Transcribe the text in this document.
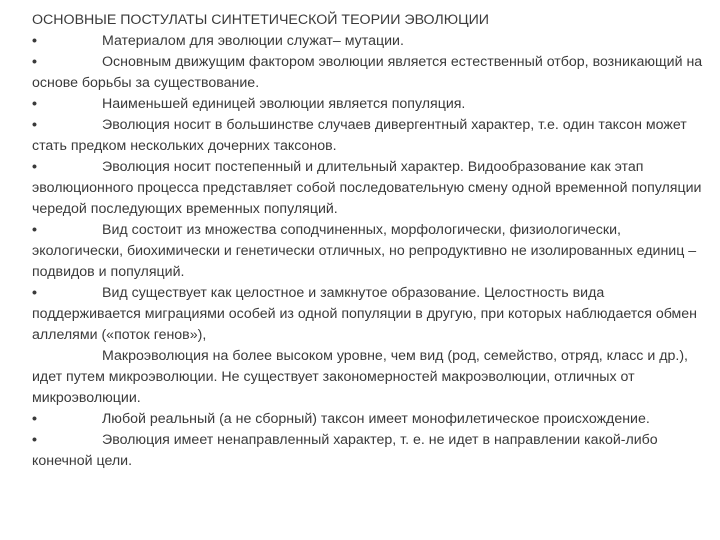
ОСНОВНЫЕ ПОСТУЛАТЫ СИНТЕТИЧЕСКОЙ ТЕОРИИ ЭВОЛЮЦИИ
•	Материалом для эволюции служат– мутации.
•	Основным движущим фактором эволюции является естественный отбор, возникающий на основе борьбы за существование.
•	Наименьшей единицей эволюции является популяция.
•	Эволюция носит в большинстве случаев дивергентный характер, т.е. один таксон может стать предком нескольких дочерних таксонов.
•	Эволюция носит постепенный и длительный характер. Видообразование как этап эволюционного процесса представляет собой последовательную смену одной временной популяции чередой последующих временных популяций.
•	Вид состоит из множества соподчиненных, морфологически, физиологически, экологически, биохимически и генетически отличных, но репродуктивно не изолированных единиц – подвидов и популяций.
•	Вид существует как целостное и замкнутое образование. Целостность вида поддерживается миграциями особей из одной популяции в другую, при которых наблюдается обмен аллелями («поток генов»),
Макроэволюция на более высоком уровне, чем вид (род, семейство, отряд, класс и др.), идет путем микроэволюции. Не существует закономерностей макроэволюции, отличных от микроэволюции.
•	Любой реальный (а не сборный) таксон имеет монофилетическое происхождение.
•	Эволюция имеет ненаправленный характер, т. е. не идет в направлении какой-либо конечной цели.
